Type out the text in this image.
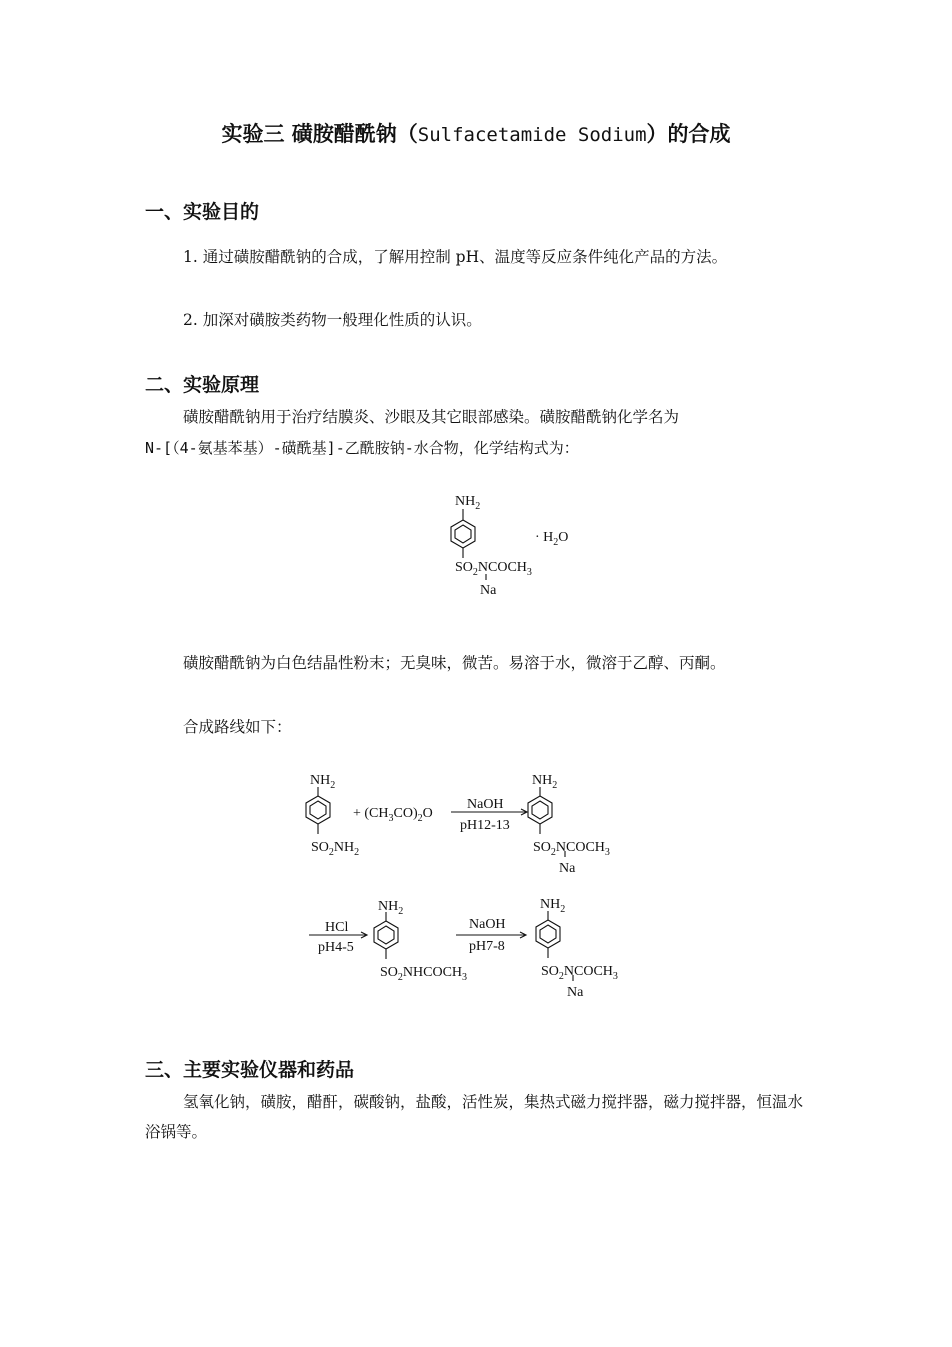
实验三 磺胺醋酰钠（Sulfacetamide Sodium）的合成
一、实验目的
1. 通过磺胺醋酰钠的合成，了解用控制 pH、温度等反应条件纯化产品的方法。
2. 加深对磺胺类药物一般理化性质的认识。
二、实验原理
磺胺醋酰钠用于治疗结膜炎、沙眼及其它眼部感染。磺胺醋酰钠化学名为
N-[（4-氨基苯基）-磺酰基]-乙酰胺钠-水合物，化学结构式为：
磺胺醋酰钠为白色结晶性粉末；无臭味，微苦。易溶于水，微溶于乙醇、丙酮。
合成路线如下：
三、主要实验仪器和药品
氢氧化钠，磺胺，醋酐，碳酸钠，盐酸，活性炭，集热式磁力搅拌器，磁力搅拌器，恒温水浴锅等。
$NH_2$
· $H_2O$
$SO_2NCOCH_3$
Na
$NH_2$
$SO_2NH_2$
+ $(CH_3CO)_2O$
NaOH
pH12-13
$NH_2$
$SO_2NCOCH_3$
Na
HCl
pH4-5
$NH_2$
$SO_2NHCOCH_3$
NaOH
pH7-8
$NH_2$
$SO_2NCOCH_3$
Na
